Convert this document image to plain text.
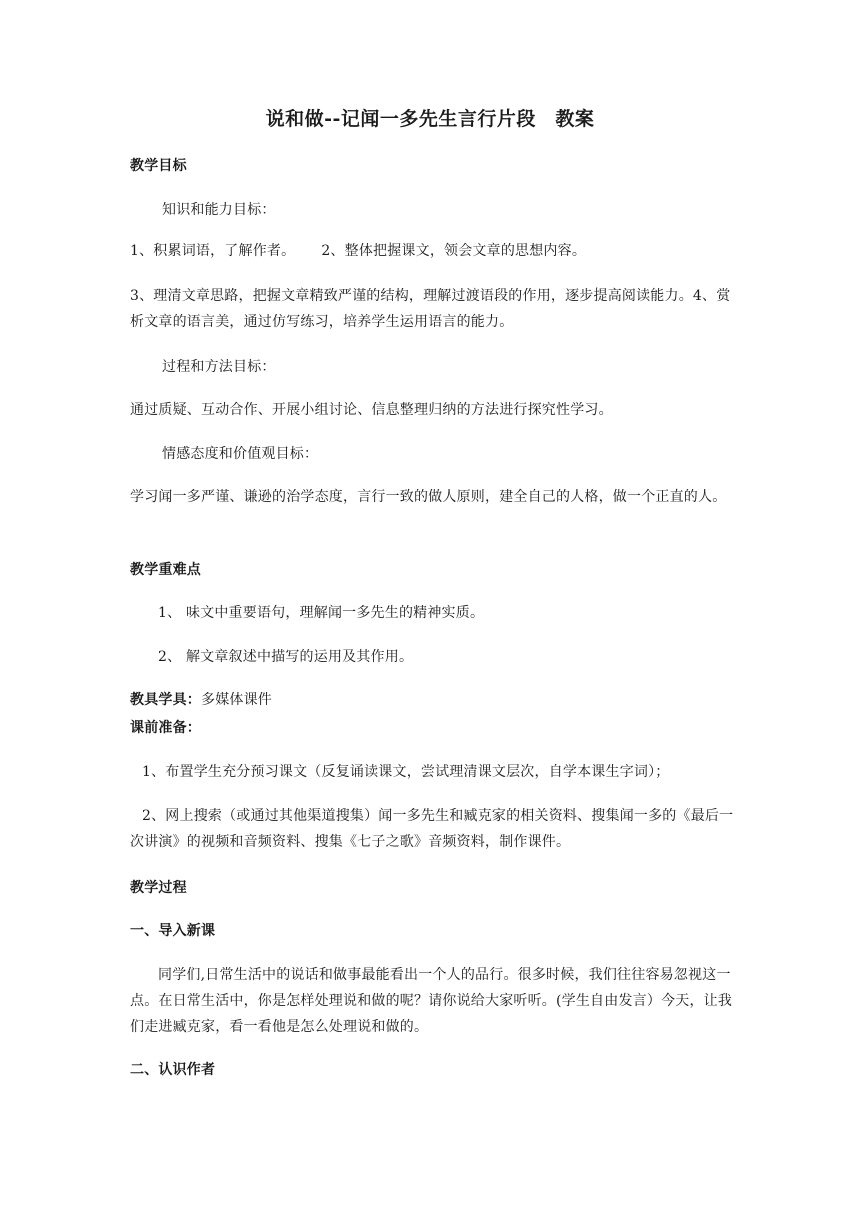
说和做--记闻一多先生言行片段　教案
教学目标
知识和能力目标：
1、积累词语，了解作者。 2、整体把握课文，领会文章的思想内容。
3、理清文章思路，把握文章精致严谨的结构，理解过渡语段的作用，逐步提高阅读能力。4、赏析文章的语言美，通过仿写练习，培养学生运用语言的能力。
过程和方法目标：
通过质疑、互动合作、开展小组讨论、信息整理归纳的方法进行探究性学习。
情感态度和价值观目标：
学习闻一多严谨、谦逊的治学态度，言行一致的做人原则，建全自己的人格，做一个正直的人。
教学重难点
1、 味文中重要语句，理解闻一多先生的精神实质。
2、 解文章叙述中描写的运用及其作用。
教具学具：多媒体课件
课前准备：
1、布置学生充分预习课文（反复诵读课文，尝试理清课文层次，自学本课生字词）；
2、网上搜索（或通过其他渠道搜集）闻一多先生和臧克家的相关资料、搜集闻一多的《最后一次讲演》的视频和音频资料、搜集《七子之歌》音频资料，制作课件。
教学过程
一、导入新课
同学们,日常生活中的说话和做事最能看出一个人的品行。很多时候，我们往往容易忽视这一点。在日常生活中，你是怎样处理说和做的呢？请你说给大家听听。(学生自由发言）今天，让我们走进臧克家，看一看他是怎么处理说和做的。
二、认识作者
